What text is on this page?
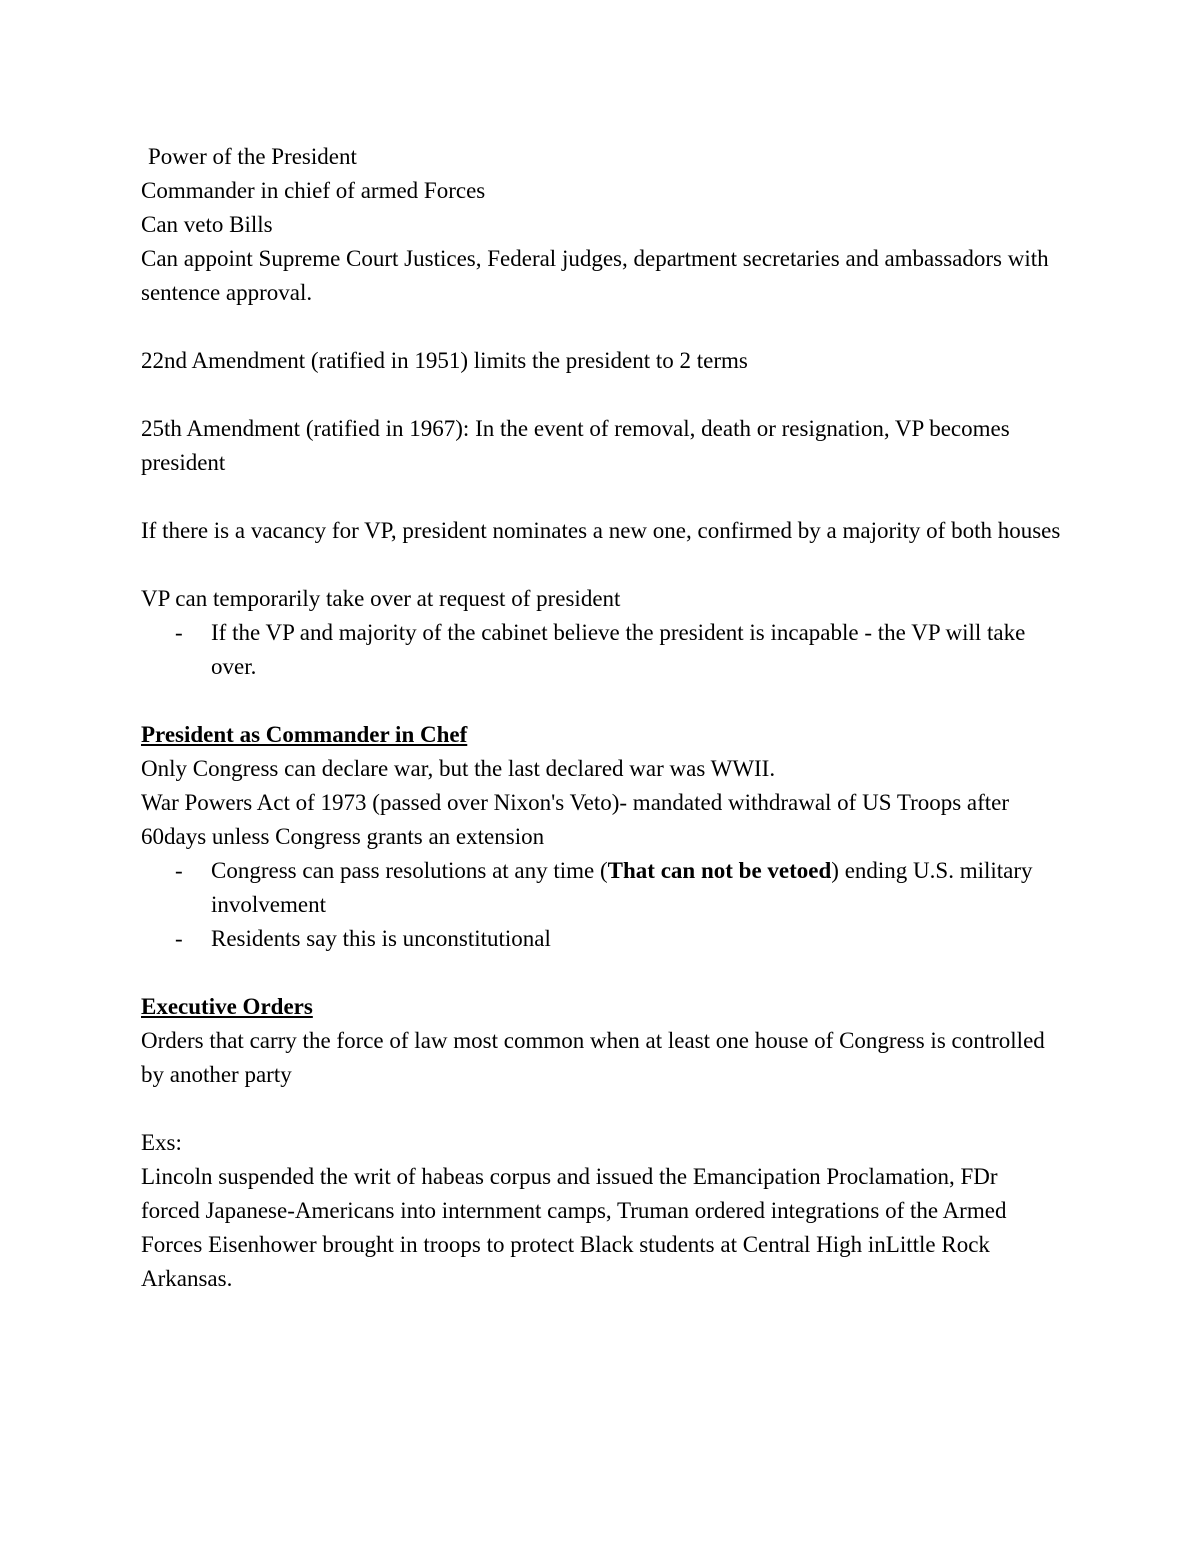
Power of the President

Commander in chief of armed Forces

Can veto Bills

Can appoint Supreme Court Justices, Federal judges, department secretaries and ambassadors with sentence approval.

22nd Amendment (ratified in 1951) limits the president to 2 terms

25th Amendment (ratified in 1967): In the event of removal, death or resignation, VP becomes president

If there is a vacancy for VP, president nominates a new one, confirmed by a majority of both houses

VP can temporarily take over at request of president

- If the VP and majority of the cabinet believe the president is incapable - the VP will take over.

President as Commander in Chef

Only Congress can declare war, but the last declared war was WWII.

War Powers Act of 1973 (passed over Nixon's Veto)- mandated withdrawal of US Troops after 60days unless Congress grants an extension

- Congress can pass resolutions at any time (That can not be vetoed) ending U.S. military involvement

- Residents say this is unconstitutional

Executive Orders

Orders that carry the force of law most common when at least one house of Congress is controlled by another party

Exs:

Lincoln suspended the writ of habeas corpus and issued the Emancipation Proclamation, FDr forced Japanese-Americans into internment camps, Truman ordered integrations of the Armed Forces Eisenhower brought in troops to protect Black students at Central High inLittle Rock Arkansas.
